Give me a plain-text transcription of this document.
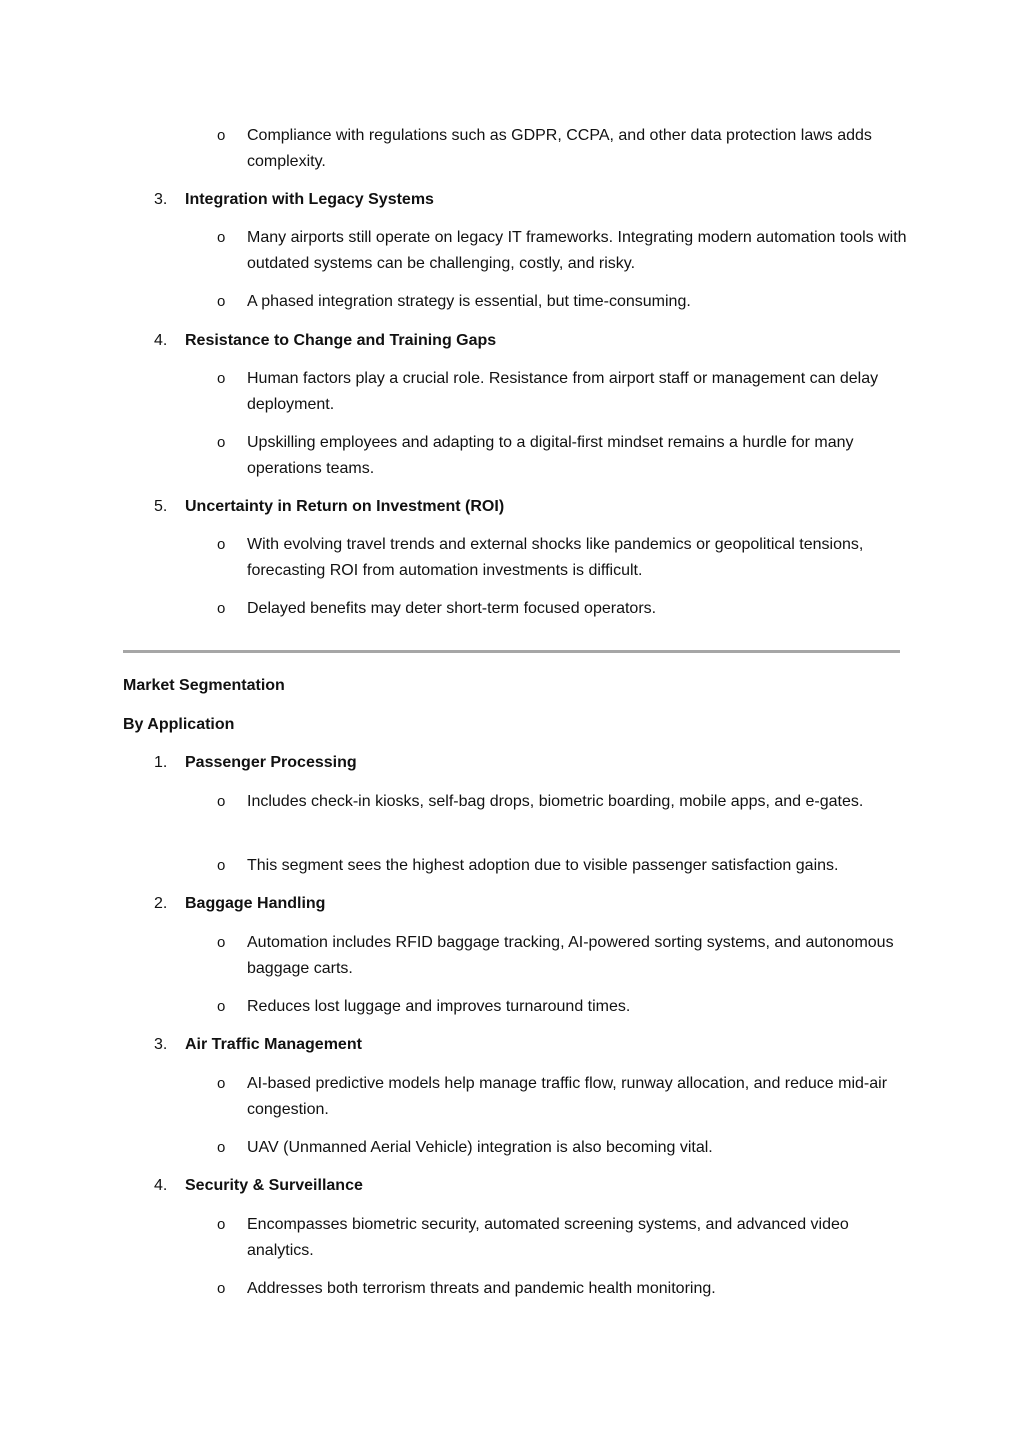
o Compliance with regulations such as GDPR, CCPA, and other data protection laws adds complexity.
3. Integration with Legacy Systems
o Many airports still operate on legacy IT frameworks. Integrating modern automation tools with outdated systems can be challenging, costly, and risky.
o A phased integration strategy is essential, but time-consuming.
4. Resistance to Change and Training Gaps
o Human factors play a crucial role. Resistance from airport staff or management can delay deployment.
o Upskilling employees and adapting to a digital-first mindset remains a hurdle for many operations teams.
5. Uncertainty in Return on Investment (ROI)
o With evolving travel trends and external shocks like pandemics or geopolitical tensions, forecasting ROI from automation investments is difficult.
o Delayed benefits may deter short-term focused operators.
Market Segmentation
By Application
1. Passenger Processing
o Includes check-in kiosks, self-bag drops, biometric boarding, mobile apps, and e-gates.
o This segment sees the highest adoption due to visible passenger satisfaction gains.
2. Baggage Handling
o Automation includes RFID baggage tracking, AI-powered sorting systems, and autonomous baggage carts.
o Reduces lost luggage and improves turnaround times.
3. Air Traffic Management
o AI-based predictive models help manage traffic flow, runway allocation, and reduce mid-air congestion.
o UAV (Unmanned Aerial Vehicle) integration is also becoming vital.
4. Security & Surveillance
o Encompasses biometric security, automated screening systems, and advanced video analytics.
o Addresses both terrorism threats and pandemic health monitoring.
